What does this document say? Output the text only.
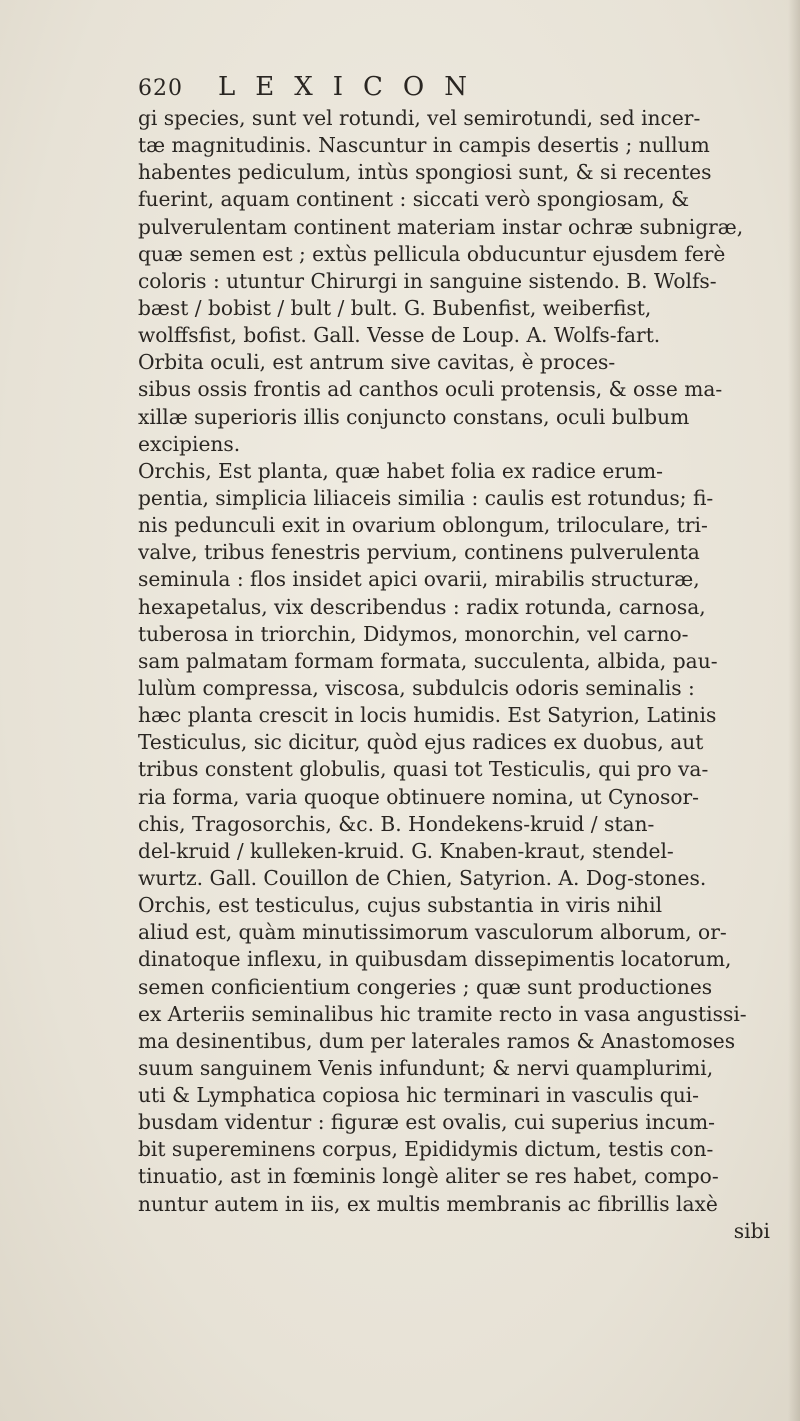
620	LEXICON
gi species, sunt vel rotundi, vel semirotundi, sed incer-
tæ magnitudinis. Nascuntur in campis desertis ; nullum
habentes pediculum, intùs spongiosi sunt, & si recentes
fuerint, aquam continent : siccati verò spongiosam, &
pulverulentam continent materiam instar ochræ subnigræ,
quæ semen est ; extùs pellicula obducuntur ejusdem ferè
coloris : utuntur Chirurgi in sanguine sistendo. B. Wolfs-
bæst / bobist / bult / bult. G. Bubenfist, weiberfist,
wolffsfist, bofist. Gall. Vesse de Loup. A. Wolfs-fart.
Orbita oculi, est antrum sive cavitas, è proces-
sibus ossis frontis ad canthos oculi protensis, & osse ma-
xillæ superioris illis conjuncto constans, oculi bulbum
excipiens.
Orchis, Est planta, quæ habet folia ex radice erum-
pentia, simplicia liliaceis similia : caulis est rotundus; fi-
nis pedunculi exit in ovarium oblongum, triloculare, tri-
valve, tribus fenestris pervium, continens pulverulenta
seminula : flos insidet apici ovarii, mirabilis structuræ,
hexapetalus, vix describendus : radix rotunda, carnosa,
tuberosa in triorchin, Didymos, monorchin, vel carno-
sam palmatam formam formata, succulenta, albida, pau-
lulùm compressa, viscosa, subdulcis odoris seminalis :
hæc planta crescit in locis humidis. Est Satyrion, Latinis
Testiculus, sic dicitur, quòd ejus radices ex duobus, aut
tribus constent globulis, quasi tot Testiculis, qui pro va-
ria forma, varia quoque obtinuere nomina, ut Cynosor-
chis, Tragosorchis, &c. B. Hondekens-kruid / stan-
del-kruid / kulleken-kruid. G. Knaben-kraut, stendel-
wurtz. Gall. Couillon de Chien, Satyrion. A. Dog-stones.
Orchis, est testiculus, cujus substantia in viris nihil
aliud est, quàm minutissimorum vasculorum alborum, or-
dinatoque inflexu, in quibusdam dissepimentis locatorum,
semen conficientium congeries ; quæ sunt productiones
ex Arteriis seminalibus hic tramite recto in vasa angustissi-
ma desinentibus, dum per laterales ramos & Anastomoses
suum sanguinem Venis infundunt; & nervi quamplurimi,
uti & Lymphatica copiosa hic terminari in vasculis qui-
busdam videntur : figuræ est ovalis, cui superius incum-
bit supereminens corpus, Epididymis dictum, testis con-
tinuatio, ast in fœminis longè aliter se res habet, compo-
nuntur autem in iis, ex multis membranis ac fibrillis laxè
sibi
